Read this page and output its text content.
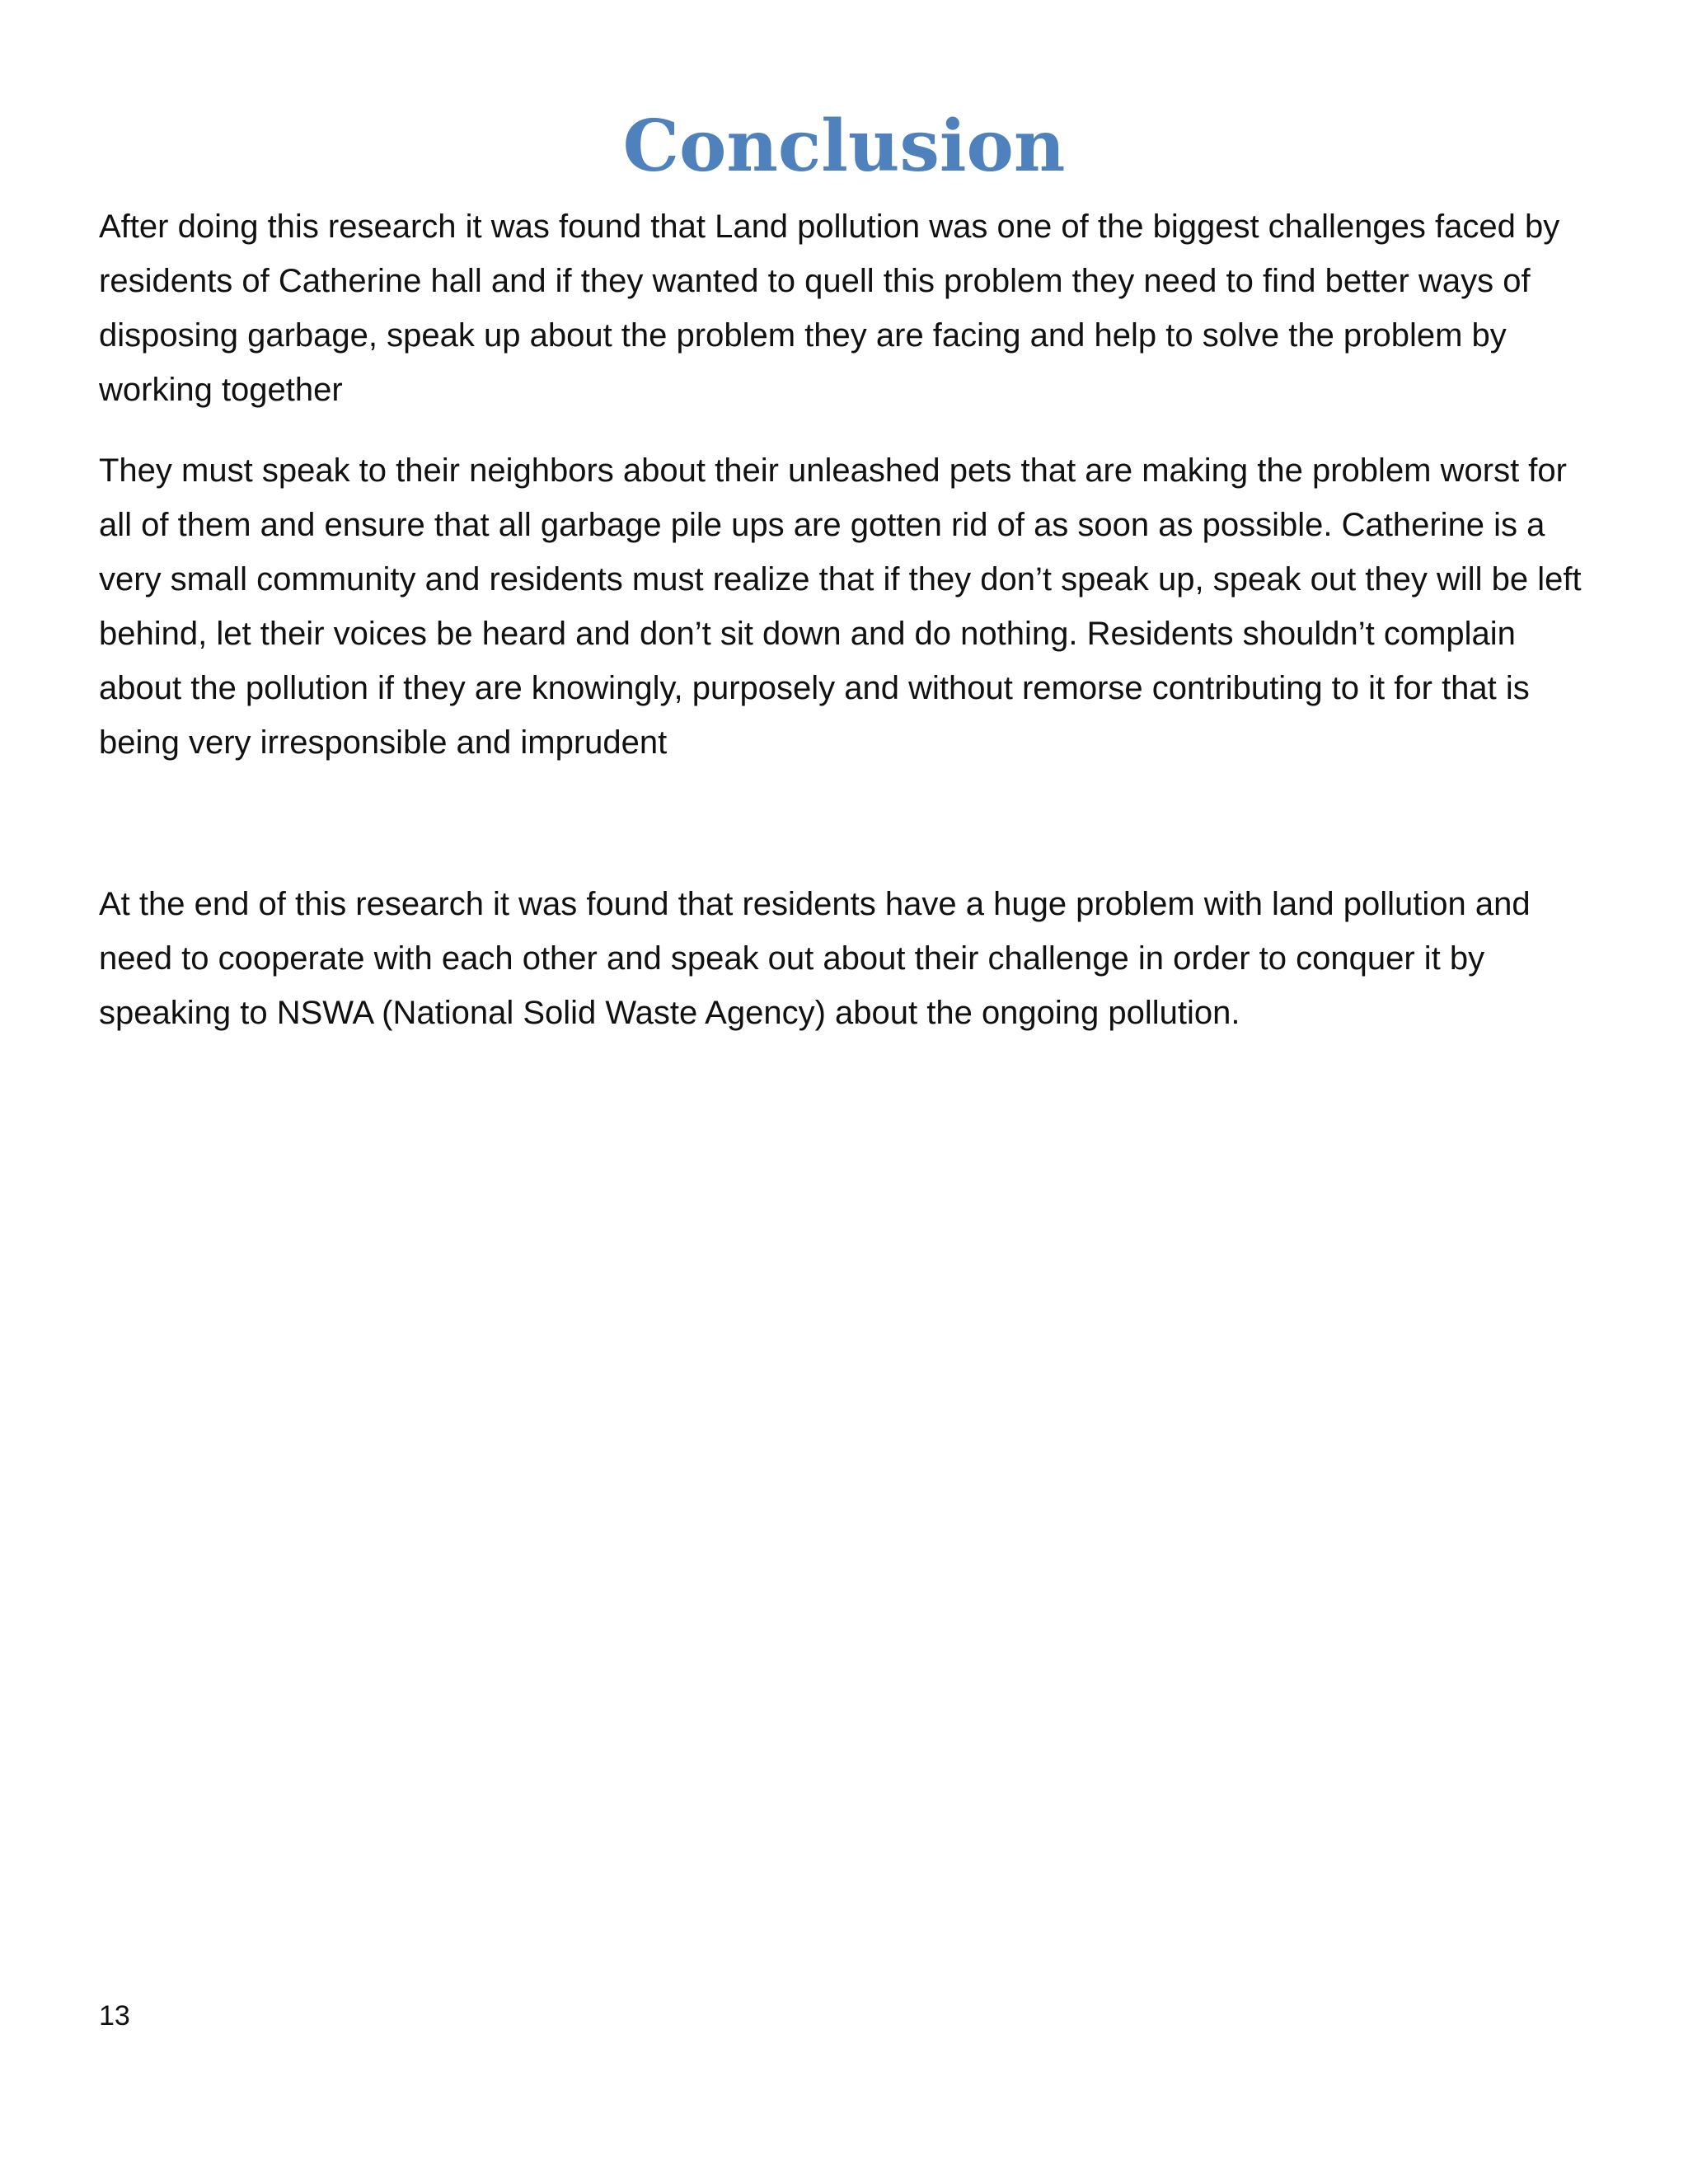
Conclusion

After doing this research it was found that Land pollution was one of the biggest challenges faced by residents of Catherine hall and if they wanted to quell this problem they need to find better ways of disposing garbage, speak up about the problem they are facing and help to solve the problem by working together

They must speak to their neighbors about their unleashed pets that are making the problem worst for all of them and ensure that all garbage pile ups are gotten rid of as soon as possible. Catherine is a very small community and residents must realize that if they don’t speak up, speak out they will be left behind, let their voices be heard and don’t sit down and do nothing. Residents shouldn’t complain about the pollution if they are knowingly, purposely and without remorse contributing to it for that is being very irresponsible and imprudent

At the end of this research it was found that residents have a huge problem with land pollution and need to cooperate with each other and speak out about their challenge in order to conquer it by speaking to NSWA (National Solid Waste Agency) about the ongoing pollution.

13
